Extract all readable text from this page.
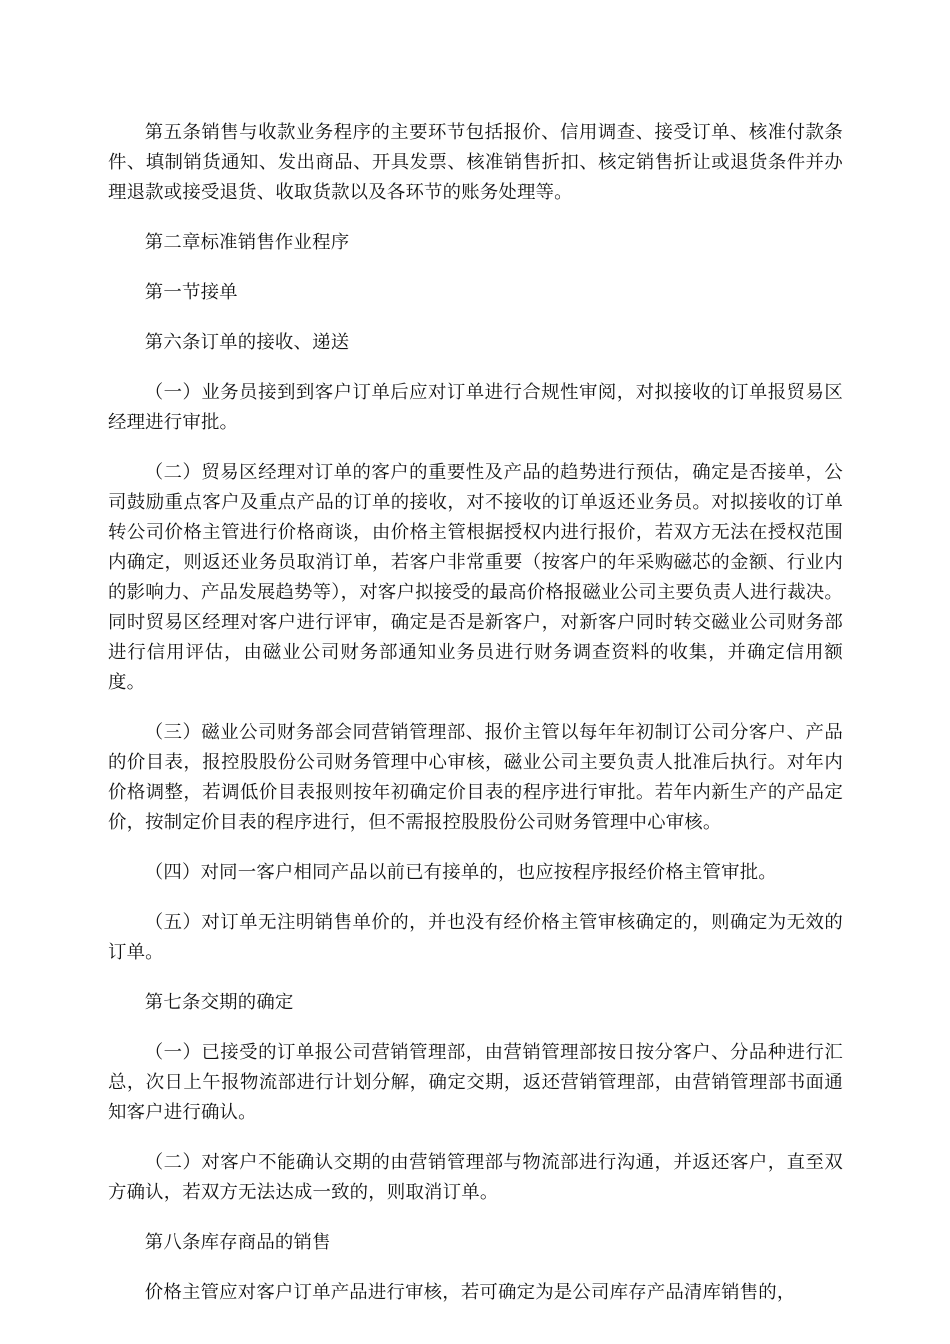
第五条销售与收款业务程序的主要环节包括报价、信用调查、接受订单、核准付款条件、填制销货通知、发出商品、开具发票、核准销售折扣、核定销售折让或退货条件并办理退款或接受退货、收取货款以及各环节的账务处理等。

第二章标准销售作业程序

第一节接单

第六条订单的接收、递送

（一）业务员接到到客户订单后应对订单进行合规性审阅，对拟接收的订单报贸易区经理进行审批。

（二）贸易区经理对订单的客户的重要性及产品的趋势进行预估，确定是否接单，公司鼓励重点客户及重点产品的订单的接收，对不接收的订单返还业务员。对拟接收的订单转公司价格主管进行价格商谈，由价格主管根据授权内进行报价，若双方无法在授权范围内确定，则返还业务员取消订单，若客户非常重要（按客户的年采购磁芯的金额、行业内的影响力、产品发展趋势等），对客户拟接受的最高价格报磁业公司主要负责人进行裁决。同时贸易区经理对客户进行评审，确定是否是新客户，对新客户同时转交磁业公司财务部进行信用评估，由磁业公司财务部通知业务员进行财务调查资料的收集，并确定信用额度。

（三）磁业公司财务部会同营销管理部、报价主管以每年年初制订公司分客户、产品的价目表，报控股股份公司财务管理中心审核，磁业公司主要负责人批准后执行。对年内价格调整，若调低价目表报则按年初确定价目表的程序进行审批。若年内新生产的产品定价，按制定价目表的程序进行，但不需报控股股份公司财务管理中心审核。

（四）对同一客户相同产品以前已有接单的，也应按程序报经价格主管审批。

（五）对订单无注明销售单价的，并也没有经价格主管审核确定的，则确定为无效的订单。

第七条交期的确定

（一）已接受的订单报公司营销管理部，由营销管理部按日按分客户、分品种进行汇总，次日上午报物流部进行计划分解，确定交期，返还营销管理部，由营销管理部书面通知客户进行确认。

（二）对客户不能确认交期的由营销管理部与物流部进行沟通，并返还客户，直至双方确认，若双方无法达成一致的，则取消订单。

第八条库存商品的销售

价格主管应对客户订单产品进行审核，若可确定为是公司库存产品清库销售的，
